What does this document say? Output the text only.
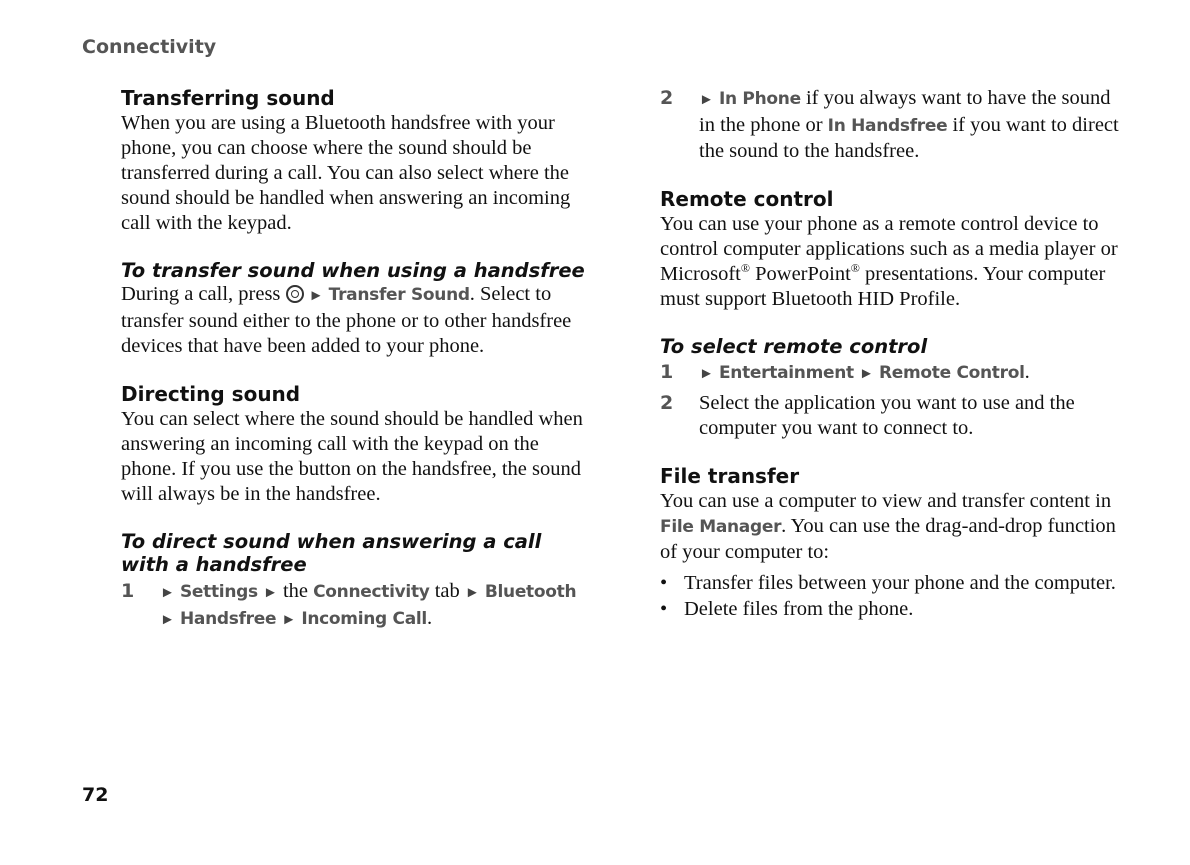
Connectivity

Transferring sound

When you are using a Bluetooth handsfree with your phone, you can choose where the sound should be transferred during a call. You can also select where the sound should be handled when answering an incoming call with the keypad.

To transfer sound when using a handsfree

During a call, press ► Transfer Sound. Select to transfer sound either to the phone or to other handsfree devices that have been added to your phone.

Directing sound

You can select where the sound should be handled when answering an incoming call with the keypad on the phone. If you use the button on the handsfree, the sound will always be in the handsfree.

To direct sound when answering a call with a handsfree

1 ► Settings ► the Connectivity tab ► Bluetooth
► Handsfree ► Incoming Call.
2 ► In Phone if you always want to have the sound in the phone or In Handsfree if you want to direct the sound to the handsfree.

Remote control

You can use your phone as a remote control device to control computer applications such as a media player or Microsoft® PowerPoint® presentations. Your computer must support Bluetooth HID Profile.

To select remote control

1 ► Entertainment ► Remote Control.
2 Select the application you want to use and the computer you want to connect to.

File transfer

You can use a computer to view and transfer content in File Manager. You can use the drag-and-drop function of your computer to:

• Transfer files between your phone and the computer.
• Delete files from the phone.
72
